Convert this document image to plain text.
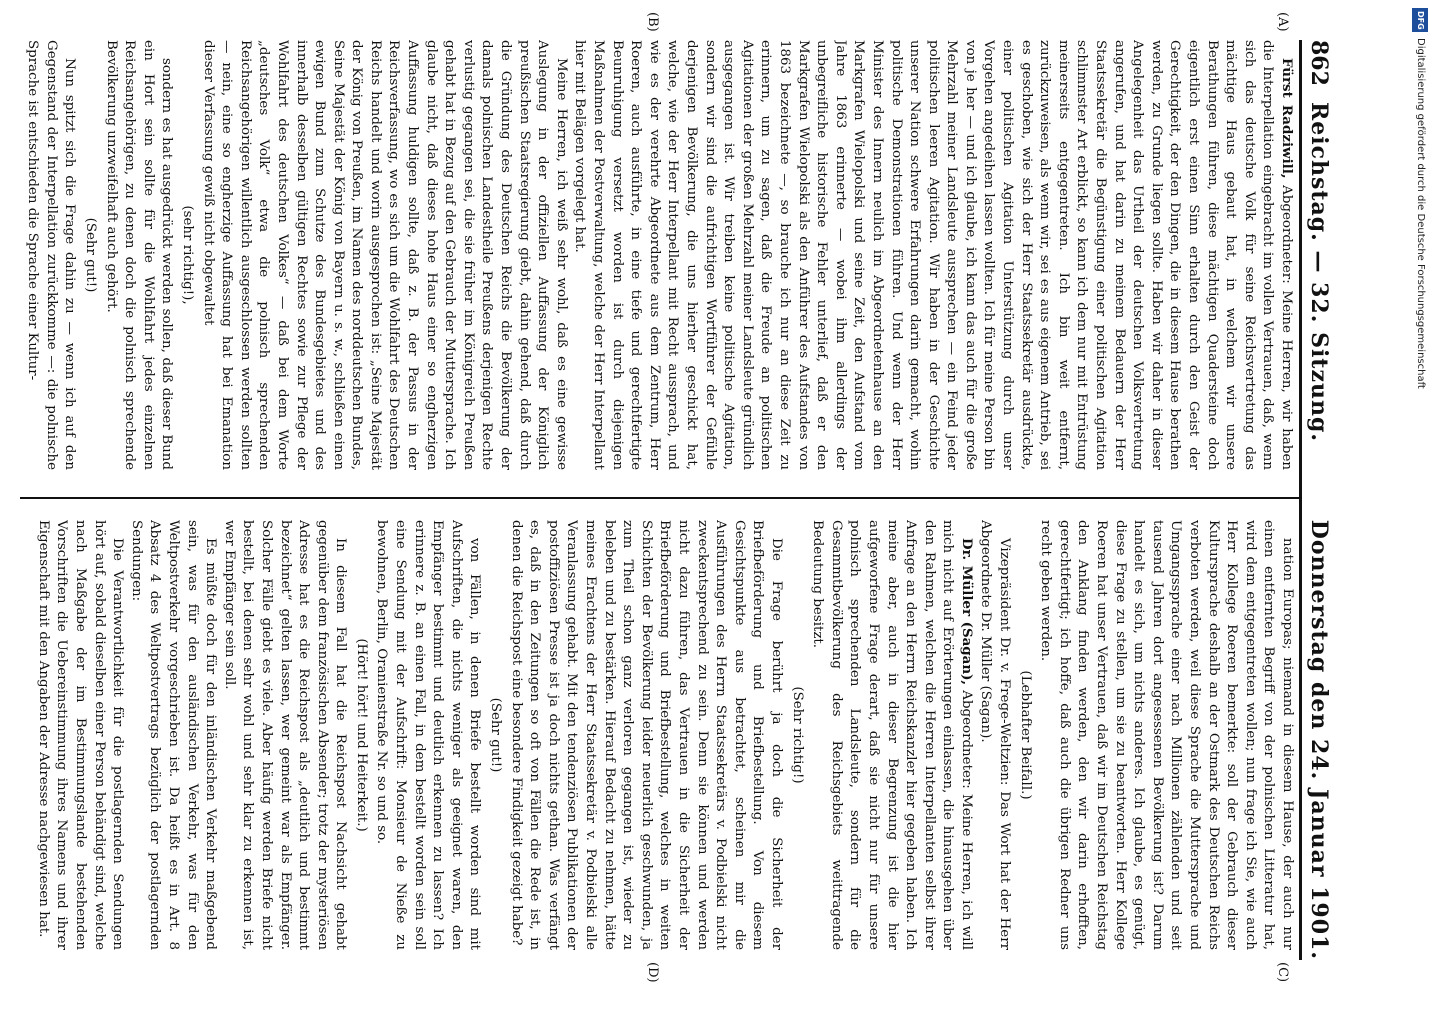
862
Reichstag. — 32. Sitzung.
Donnerstag den 24. Januar 1901.

Fürst Radziwill, Abgeordneter: Meine Herren, wir haben die Interpellation eingebracht im vollen Vertrauen, daß, wenn sich das deutsche Volk für seine Reichsvertretung das mächtige Haus gebaut hat, in welchem wir unsere Berathungen führen, diese mächtigen Quadersteine doch eigentlich erst einen Sinn erhalten durch den Geist der Gerechtigkeit, der den Dingen, die in diesem Hause berathen werden, zu Grunde liegen sollte. Haben wir daher in dieser Angelegenheit das Urtheil der deutschen Volksvertretung angerufen, und hat darin zu meinem Bedauern der Herr Staatssekretär die Begünstigung einer politischen Agitation schlimmster Art erblickt, so kann ich dem nur mit Entrüstung meinerseits entgegentreten. Ich bin weit entfernt, zurückzuweisen, als wenn wir, sei es aus eigenem Antrieb, sei es geschoben, wie sich der Herr Staatssekretär ausdrückte, einer politischen Agitation Unterstützung durch unser Vorgehen angedeihen lassen wollten. Ich für meine Person bin von je her — und ich glaube, ich kann das auch für die große Mehrzahl meiner Landsleute aussprechen — ein Feind jeder politischen leeren Agitation. Wir haben in der Geschichte unserer Nation schwere Erfahrungen darin gemacht, wohin politische Demonstrationen führen. Und wenn der Herr Minister des Innern neulich im Abgeordnetenhause an den Markgrafen Wielopolski und seine Zeit, den Aufstand vom Jahre 1863 erinnerte — wobei ihm allerdings der unbegreifliche historische Fehler unterlief, daß er den Markgrafen Wielopolski als den Anführer des Aufstandes von 1863 bezeichnete —, so brauche ich nur an diese Zeit zu erinnern, um zu sagen, daß die Freude an politischen Agitationen der großen Mehrzahl meiner Landsleute gründlich ausgegangen ist. Wir treiben keine politische Agitation, sondern wir sind die aufrichtigen Wortführer der Gefühle derjenigen Bevölkerung, die uns hierher geschickt hat, welche, wie der Herr Interpellant mit Recht aussprach, und wie es der verehrte Abgeordnete aus dem Zentrum, Herr Roeren, auch ausführte, in eine tiefe und gerechtfertigte Beunruhigung versetzt worden ist durch diejenigen Maßnahmen der Postverwaltung, welche der Herr Interpellant hier mit Belägen vorgelegt hat.

Meine Herren, ich weiß sehr wohl, daß es eine gewisse Auslegung in der offiziellen Auffassung der Königlich preußischen Staatsregierung giebt, dahin gehend, daß durch die Gründung des Deutschen Reichs die Bevölkerung der damals polnischen Landestheile Preußens derjenigen Rechte verlustig gegangen sei, die sie früher im Königreich Preußen gehabt hat in Bezug auf den Gebrauch der Muttersprache. Ich glaube nicht, daß dieses hohe Haus einer so engherzigen Auffassung huldigen sollte, daß z. B. der Passus in der Reichsverfassung, wo es sich um die Wohlfahrt des Deutschen Reichs handelt und worin ausgesprochen ist: „Seine Majestät der König von Preußen, im Namen des norddeutschen Bundes, Seine Majestät der König von Bayern u. s. w., schließen einen ewigen Bund zum Schutze des Bundesgebietes und des innerhalb desselben gültigen Rechtes sowie zur Pflege der Wohlfahrt des deutschen Volkes“ — daß bei dem Worte „deutsches Volk“ etwa die polnisch sprechenden Reichsangehörigen willentlich ausgeschlossen werden sollten — nein, eine so engherzige Auffassung hat bei Emanation dieser Verfassung gewiß nicht obgewaltet

(sehr richtig!),

sondern es hat ausgedrückt werden sollen, daß dieser Bund ein Hort sein sollte für die Wohlfahrt jedes einzelnen Reichsangehörigen, zu denen doch die polnisch sprechende Bevölkerung unzweifelhaft auch gehört.

(Sehr gut!)

Nun spitzt sich die Frage dahin zu — wenn ich auf den Gegenstand der Interpellation zurückkomme —: die polnische Sprache ist entschieden die Sprache einer Kultur-

nation Europas; niemand in diesem Hause, der auch nur einen entfernten Begriff von der polnischen Litteratur hat, wird dem entgegentreten wollen; nun frage ich Sie, wie auch Herr Kollege Roeren bemerkte: soll der Gebrauch dieser Kultursprache deshalb an der Ostmark des Deutschen Reichs verboten werden, weil diese Sprache die Muttersprache und Umgangssprache einer nach Millionen zählenden und seit tausend Jahren dort angesessenen Bevölkerung ist? Darum handelt es sich, um nichts anderes. Ich glaube, es genügt, diese Frage zu stellen, um sie zu beantworten. Herr Kollege Roeren hat unser Vertrauen, daß wir im Deutschen Reichstag den Anklang finden werden, den wir darin erhofften, gerechtfertigt; ich hoffe, daß auch die übrigen Redner uns recht geben werden.

(Lebhafter Beifall.)

Vizepräsident Dr. v. Frege-Weltzien: Das Wort hat der Herr Abgeordnete Dr. Müller (Sagan).

Dr. Müller (Sagan), Abgeordneter: Meine Herren, ich will mich nicht auf Erörterungen einlassen, die hinausgehen über den Rahmen, welchen die Herren Interpellanten selbst ihrer Anfrage an den Herrn Reichskanzler hier gegeben haben. Ich meine aber, auch in dieser Begrenzung ist die hier aufgeworfene Frage derart, daß sie nicht nur für unsere polnisch sprechenden Landsleute, sondern für die Gesammtbevölkerung des Reichsgebiets weittragende Bedeutung besitzt.

(Sehr richtig!)

Die Frage berührt ja doch die Sicherheit der Briefbeförderung und Briefbestellung. Von diesem Gesichtspunkte aus betrachtet, scheinen mir die Ausführungen des Herrn Staatssekretärs v. Podbielski nicht zweckentsprechend zu sein. Denn sie können und werden nicht dazu führen, das Vertrauen in die Sicherheit der Briefbeförderung und Briefbestellung, welches in weiten Schichten der Bevölkerung leider neuerlich geschwunden, ja zum Theil schon ganz verloren gegangen ist, wieder zu beleben und zu bestärken. Hierauf Bedacht zu nehmen, hätte meines Erachtens der Herr Staatssekretär v. Podbielski alle Veranlassung gehabt. Mit den tendenziösen Publikationen der postoffiziösen Presse ist ja doch nichts gethan. Was verfängt es, daß in den Zeitungen so oft von Fällen die Rede ist, in denen die Reichspost eine besondere Findigkeit gezeigt habe?

(Sehr gut!)

von Fällen, in denen Briefe bestellt worden sind mit Aufschriften, die nichts weniger als geeignet waren, den Empfänger bestimmt und deutlich erkennen zu lassen? Ich erinnere z. B. an einen Fall, in dem bestellt worden sein soll eine Sendung mit der Aufschrift: Monsieur de Nieße zu bewohnen, Berlin, Oranienstraße Nr. so und so.

(Hört! hört! und Heiterkeit.)

In diesem Fall hat die Reichspost Nachsicht gehabt gegenüber dem französischen Absender; trotz der mysteriösen Adresse hat es die Reichspost als „deutlich und bestimmt bezeichnet“ gelten lassen, wer gemeint war als Empfänger. Solcher Fälle giebt es viele. Aber häufig werden Briefe nicht bestellt, bei denen sehr wohl und sehr klar zu erkennen ist, wer Empfänger sein soll.

Es müßte doch für den inländischen Verkehr maßgebend sein, was für den ausländischen Verkehr, was für den Weltpostverkehr vorgeschrieben ist. Da heißt es in Art. 8 Absatz 4 des Weltpostvertrags bezüglich der postlagernden Sendungen:

Die Verantwortlichkeit für die postlagernden Sendungen hört auf, sobald dieselben einer Person behändigt sind, welche nach Maßgabe der im Bestimmungslande bestehenden Vorschriften die Uebereinstimmung ihres Namens und ihrer Eigenschaft mit den Angaben der Adresse nachgewiesen hat.

(A)
(B)
(C)
(D)
DFG
Digitalisierung gefördert durch die Deutsche Forschungsgemeinschaft
